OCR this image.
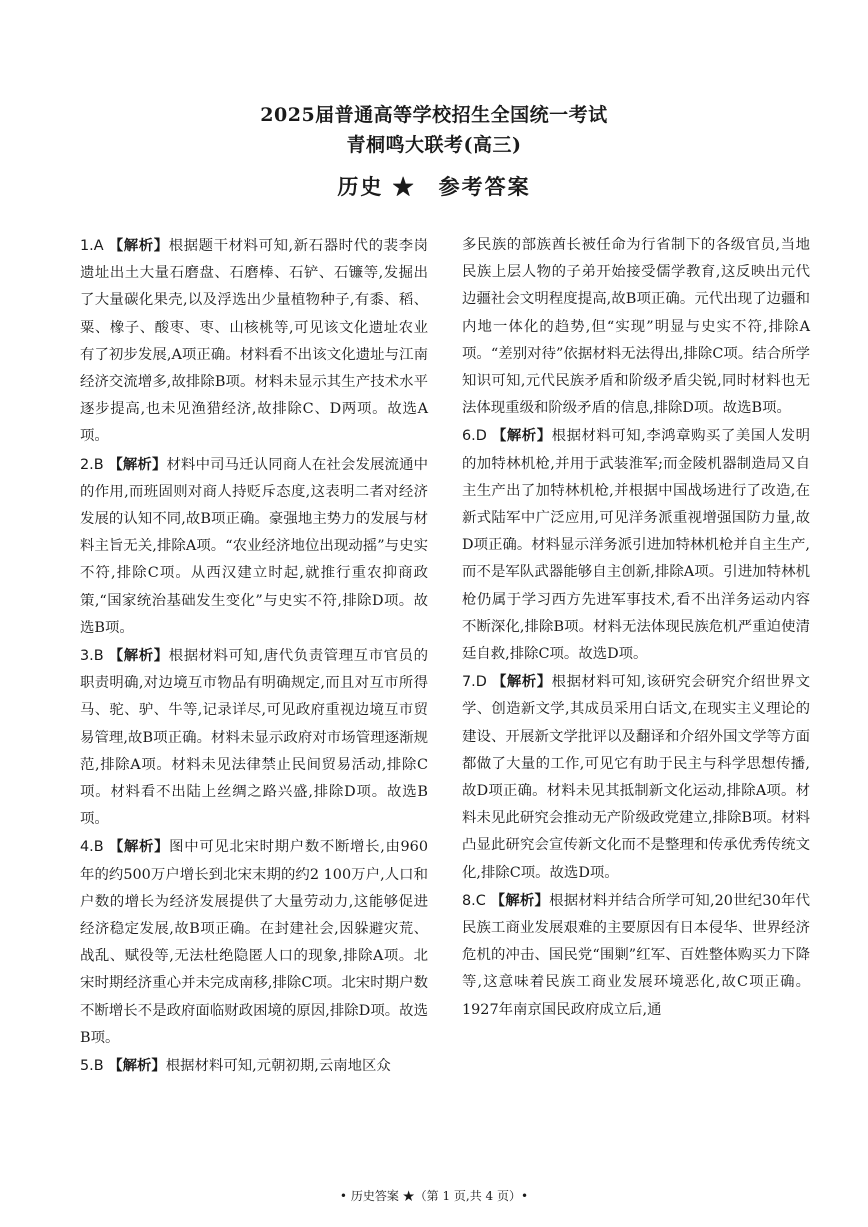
2025届普通高等学校招生全国统一考试
青桐鸣大联考(高三)
历史 ★　参考答案

1.A 【解析】根据题干材料可知,新石器时代的裴李岗遗址出土大量石磨盘、石磨棒、石铲、石镰等,发掘出了大量碳化果壳,以及浮选出少量植物种子,有黍、稻、粟、橡子、酸枣、枣、山核桃等,可见该文化遗址农业有了初步发展,A项正确。材料看不出该文化遗址与江南经济交流增多,故排除B项。材料未显示其生产技术水平逐步提高,也未见渔猎经济,故排除C、D两项。故选A项。

2.B 【解析】材料中司马迁认同商人在社会发展流通中的作用,而班固则对商人持贬斥态度,这表明二者对经济发展的认知不同,故B项正确。豪强地主势力的发展与材料主旨无关,排除A项。“农业经济地位出现动摇”与史实不符,排除C项。从西汉建立时起,就推行重农抑商政策,“国家统治基础发生变化”与史实不符,排除D项。故选B项。

3.B 【解析】根据材料可知,唐代负责管理互市官员的职责明确,对边境互市物品有明确规定,而且对互市所得马、驼、驴、牛等,记录详尽,可见政府重视边境互市贸易管理,故B项正确。材料未显示政府对市场管理逐渐规范,排除A项。材料未见法律禁止民间贸易活动,排除C项。材料看不出陆上丝绸之路兴盛,排除D项。故选B项。

4.B 【解析】图中可见北宋时期户数不断增长,由960年的约500万户增长到北宋末期的约2 100万户,人口和户数的增长为经济发展提供了大量劳动力,这能够促进经济稳定发展,故B项正确。在封建社会,因躲避灾荒、战乱、赋役等,无法杜绝隐匿人口的现象,排除A项。北宋时期经济重心并未完成南移,排除C项。北宋时期户数不断增长不是政府面临财政困境的原因,排除D项。故选B项。

5.B 【解析】根据材料可知,元朝初期,云南地区众

多民族的部族酋长被任命为行省制下的各级官员,当地民族上层人物的子弟开始接受儒学教育,这反映出元代边疆社会文明程度提高,故B项正确。元代出现了边疆和内地一体化的趋势,但“实现”明显与史实不符,排除A项。“差别对待”依据材料无法得出,排除C项。结合所学知识可知,元代民族矛盾和阶级矛盾尖锐,同时材料也无法体现重级和阶级矛盾的信息,排除D项。故选B项。

6.D 【解析】根据材料可知,李鸿章购买了美国人发明的加特林机枪,并用于武装淮军;而金陵机器制造局又自主生产出了加特林机枪,并根据中国战场进行了改造,在新式陆军中广泛应用,可见洋务派重视增强国防力量,故D项正确。材料显示洋务派引进加特林机枪并自主生产,而不是军队武器能够自主创新,排除A项。引进加特林机枪仍属于学习西方先进军事技术,看不出洋务运动内容不断深化,排除B项。材料无法体现民族危机严重迫使清廷自救,排除C项。故选D项。

7.D 【解析】根据材料可知,该研究会研究介绍世界文学、创造新文学,其成员采用白话文,在现实主义理论的建设、开展新文学批评以及翻译和介绍外国文学等方面都做了大量的工作,可见它有助于民主与科学思想传播,故D项正确。材料未见其抵制新文化运动,排除A项。材料未见此研究会推动无产阶级政党建立,排除B项。材料凸显此研究会宣传新文化而不是整理和传承优秀传统文化,排除C项。故选D项。

8.C 【解析】根据材料并结合所学可知,20世纪30年代民族工商业发展艰难的主要原因有日本侵华、世界经济危机的冲击、国民党“围剿”红军、百姓整体购买力下降等,这意味着民族工商业发展环境恶化,故C项正确。1927年南京国民政府成立后,通

• 历史答案 ★（第 1 页,共 4 页）•
